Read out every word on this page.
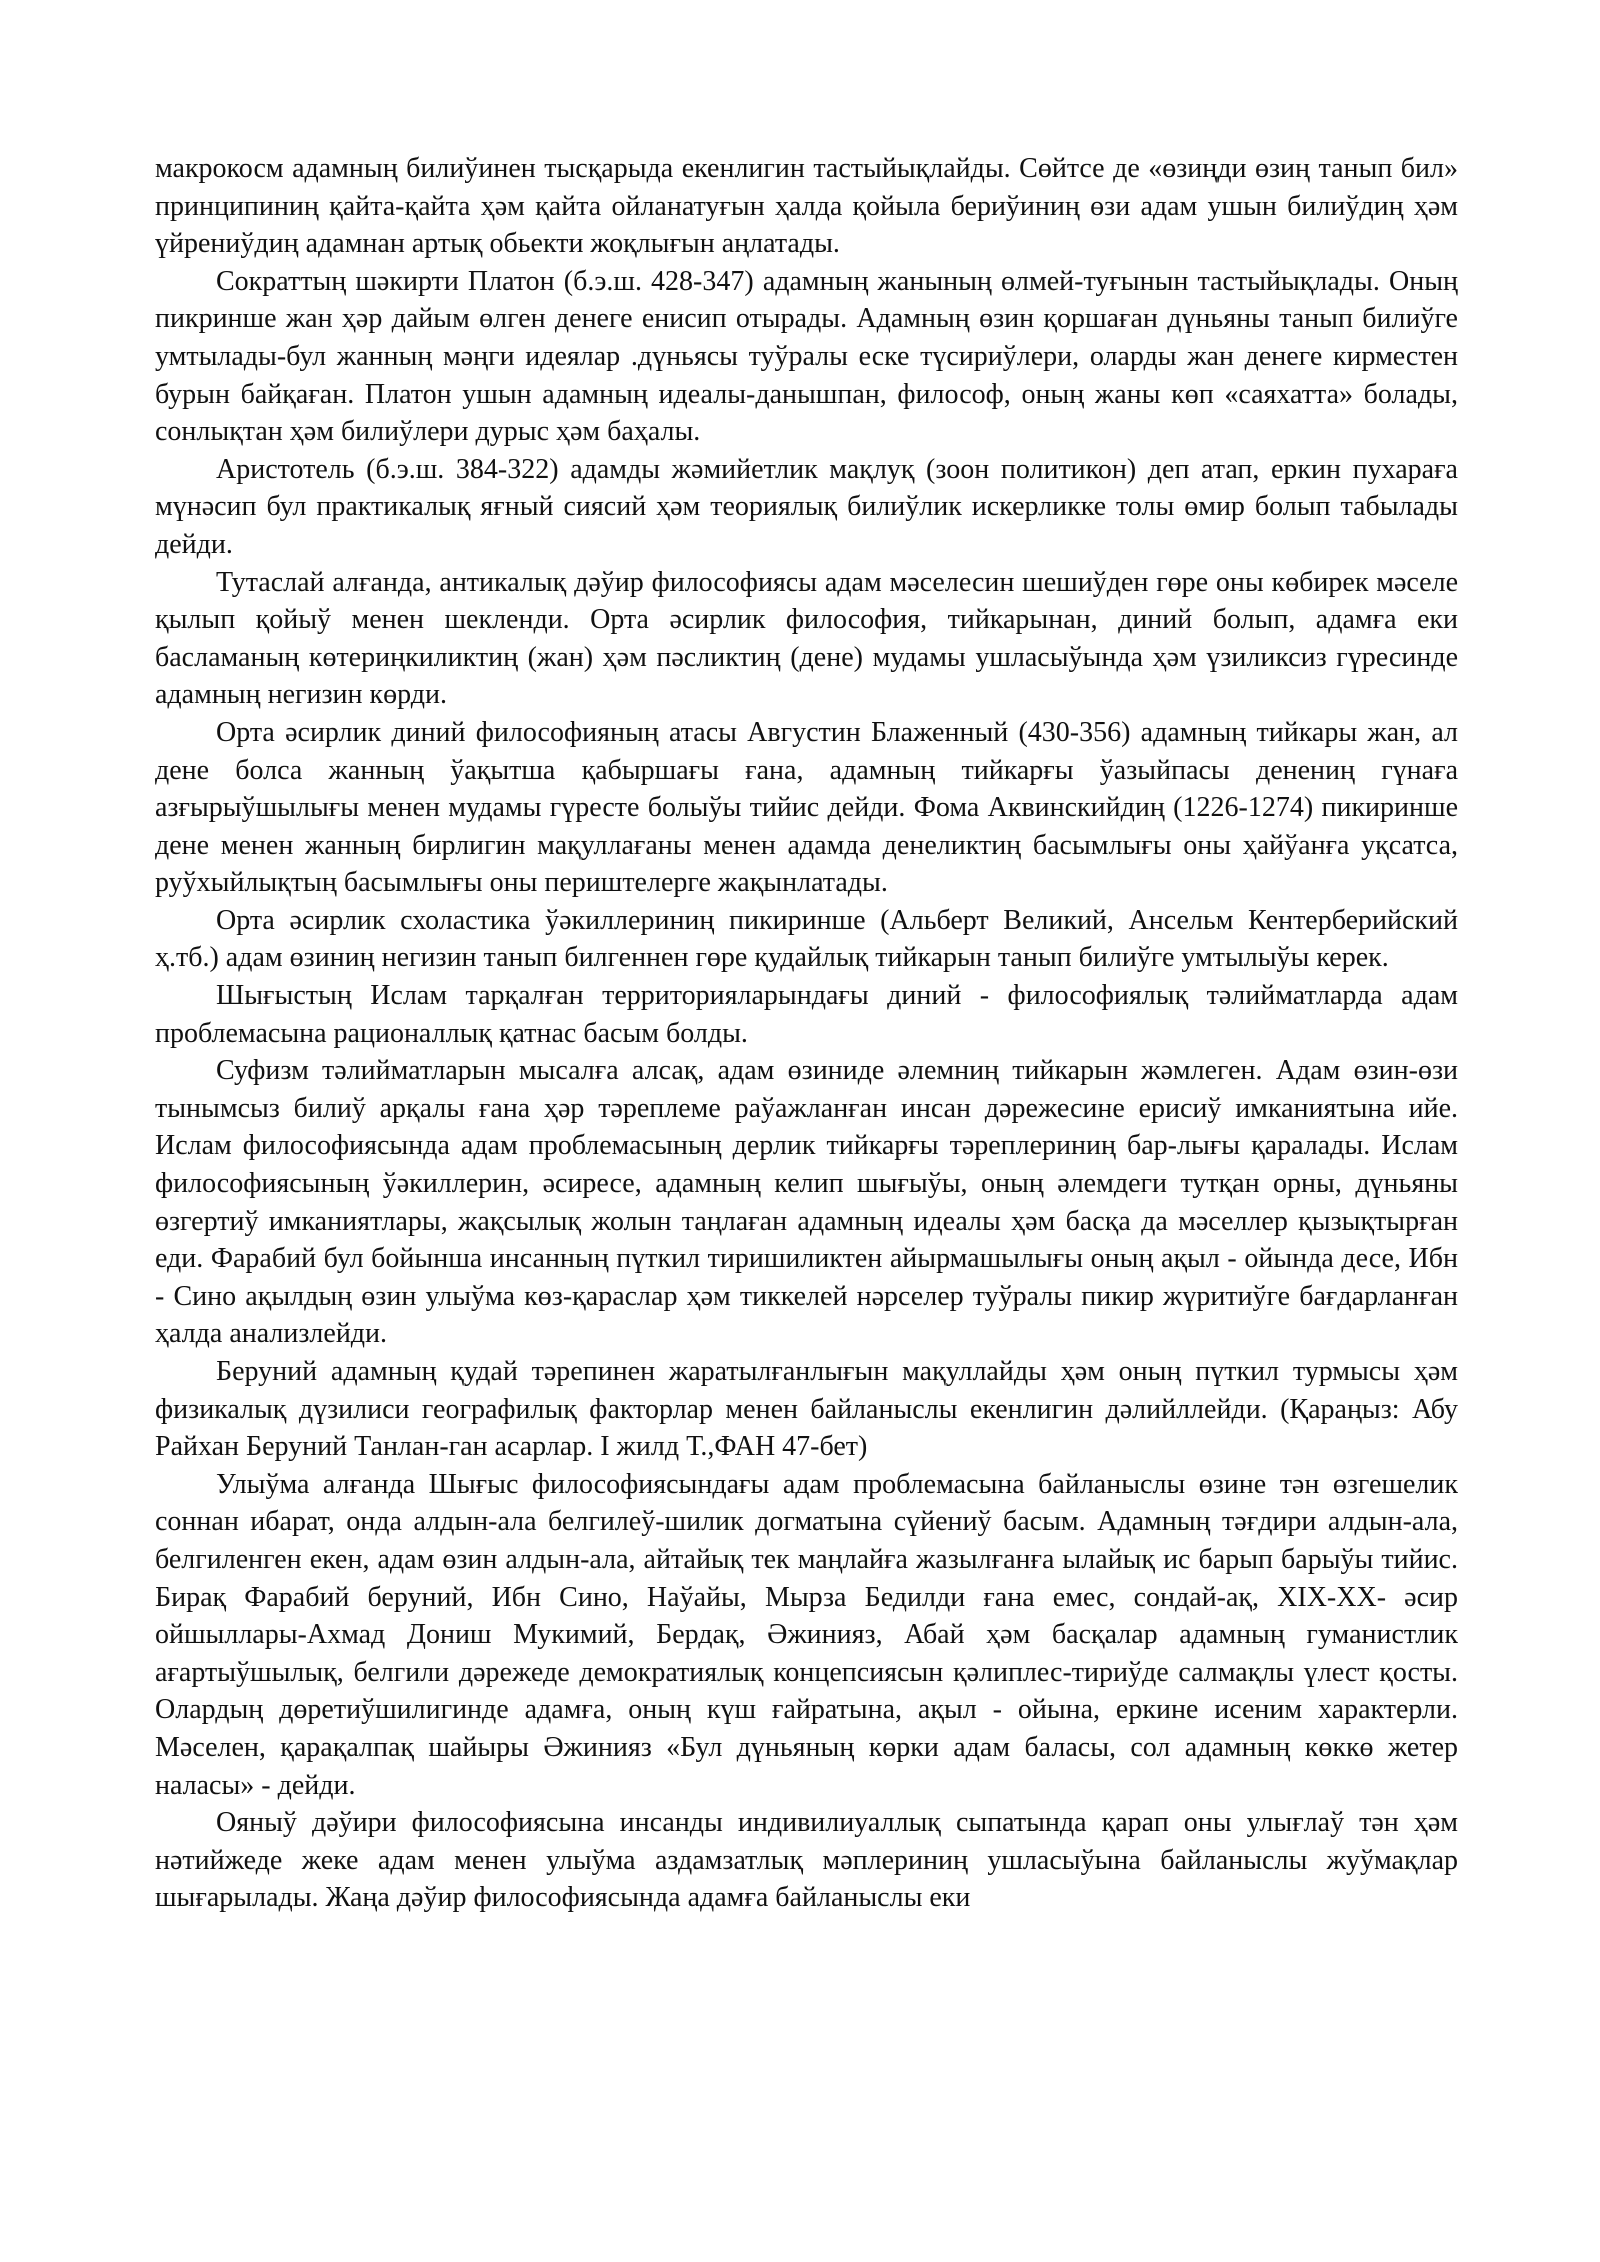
макрокосм адамның билиўинен тысқарыда екенлигин тастыйықлайды. Сөйтсе де «өзиңди өзиң танып бил» принципиниң қайта-қайта ҳәм қайта ойланатуғын ҳалда қойыла бериўиниң өзи адам ушын билиўдиң ҳәм үйрениўдиң адамнан артық обьекти жоқлығын аңлатады.

Сократтың шәкирти Платон (б.э.ш. 428-347) адамның жанының өлмей-туғынын тастыйықлады. Оның пикринше жан ҳәр дайым өлген денеге енисип отырады. Адамның өзин қоршаған дүньяны танып билиўге умтылады-бул жанның мәңги идеялар .дүньясы туўралы еске түсириўлери, оларды жан денеге кирместен бурын байқаған. Платон ушын адамның идеалы-данышпан, философ, оның жаны көп «саяхатта» болады, сонлықтан ҳәм билиўлери дурыс ҳәм баҳалы.

Аристотель (б.э.ш. 384-322) адамды жәмийетлик мақлуқ (зоон политикон) деп атап, еркин пухараға мүнәсип бул практикалық яғный сиясий ҳәм теориялық билиўлик искерликке толы өмир болып табылады дейди.

Тутаслай алғанда, антикалық дәўир философиясы адам мәселесин шешиўден гөре оны көбирек мәселе қылып қойыў менен шекленди. Орта әсирлик философия, тийкарынан, диний болып, адамға еки басламаның көтериңкиликтиң (жан) ҳәм пәсликтиң (дене) мудамы ушласыўында ҳәм үзиликсиз гүресинде адамның негизин көрди.

Орта әсирлик диний философияның атасы Августин Блаженный (430-356) адамның тийкары жан, ал дене болса жанның ўақытша қабыршағы ғана, адамның тийкарғы ўазыйпасы денениң гүнаға азғырыўшылығы менен мудамы гүресте болыўы тийис дейди. Фома Аквинскийдиң (1226-1274) пикиринше дене менен жанның бирлигин мақуллағаны менен адамда денеликтиң басымлығы оны ҳайўанға уқсатса, руўхыйлықтың басымлығы оны периштелерге жақынлатады.

Орта әсирлик схоластика ўәкиллериниң пикиринше (Альберт Великий, Ансельм Кентерберийский ҳ.тб.) адам өзиниң негизин танып билгеннен гөре қудайлық тийкарын танып билиўге умтылыўы керек.

Шығыстың Ислам тарқалған территорияларындағы диний - философиялық тәлийматларда адам проблемасына рационаллық қатнас басым болды.

Суфизм тәлийматларын мысалға алсақ, адам өзиниде әлемниң тийкарын жәмлеген. Адам өзин-өзи тынымсыз билиў арқалы ғана ҳәр тәреплеме раўажланған инсан дәрежесине ерисиў имканиятына ийе. Ислам философиясында адам проблемасының дерлик тийкарғы тәреплериниң бар-лығы қаралады. Ислам философиясының ўәкиллерин, әсиресе, адамның келип шығыўы, оның әлемдеги тутқан орны, дүньяны өзгертиў имканиятлары, жақсылық жолын таңлаған адамның идеалы ҳәм басқа да мәселлер қызықтырған еди. Фарабий бул бойынша инсанның пүткил тиришиликтен айырмашылығы оның ақыл - ойында десе, Ибн - Сино ақылдың өзин улыўма көз-қараслар ҳәм тиккелей нәрселер туўралы пикир жүритиўге бағдарланған ҳалда анализлейди.

Беруний адамның қудай тәрепинен жаратылғанлығын мақуллайды ҳәм оның пүткил турмысы ҳәм физикалық дүзилиси географилық факторлар менен байланыслы екенлигин дәлийллейди. (Қараңыз: Абу Райхан Беруний Танлан-ган асарлар. I жилд Т.,ФАН 47-бет)

Улыўма алғанда Шығыс философиясындағы адам проблемасына байланыслы өзине тән өзгешелик соннан ибарат, онда алдын-ала белгилеў-шилик догматына сүйениў басым. Адамның тәғдири алдын-ала, белгиленген екен, адам өзин алдын-ала, айтайық тек маңлайға жазылғанға ылайық ис барып барыўы тийис. Бирақ Фарабий беруний, Ибн Сино, Наўайы, Мырза Бедилди ғана емес, сондай-ақ, ХIХ-ХХ- әсир ойшыллары-Ахмад Дониш Мукимий, Бердақ, Әжинияз, Абай ҳәм басқалар адамның гуманистлик ағартыўшылық, белгили дәрежеде демократиялық концепсиясын қәлиплес-тириўде салмақлы үлест қосты. Олардың дөретиўшилигинде адамға, оның күш ғайратына, ақыл - ойына, еркине исеним характерли. Мәселен, қарақалпақ шайыры Әжинияз «Бул дүньяның көрки адам баласы, сол адамның көккө жетер наласы» - дейди.

Ояныў дәўири философиясына инсанды индивилиуаллық сыпатында қарап оны улығлаў тән ҳәм нәтийжеде жеке адам менен улыўма аздамзатлық мәплериниң ушласыўына байланыслы жуўмақлар шығарылады. Жаңа дәўир философиясында адамға байланыслы еки
